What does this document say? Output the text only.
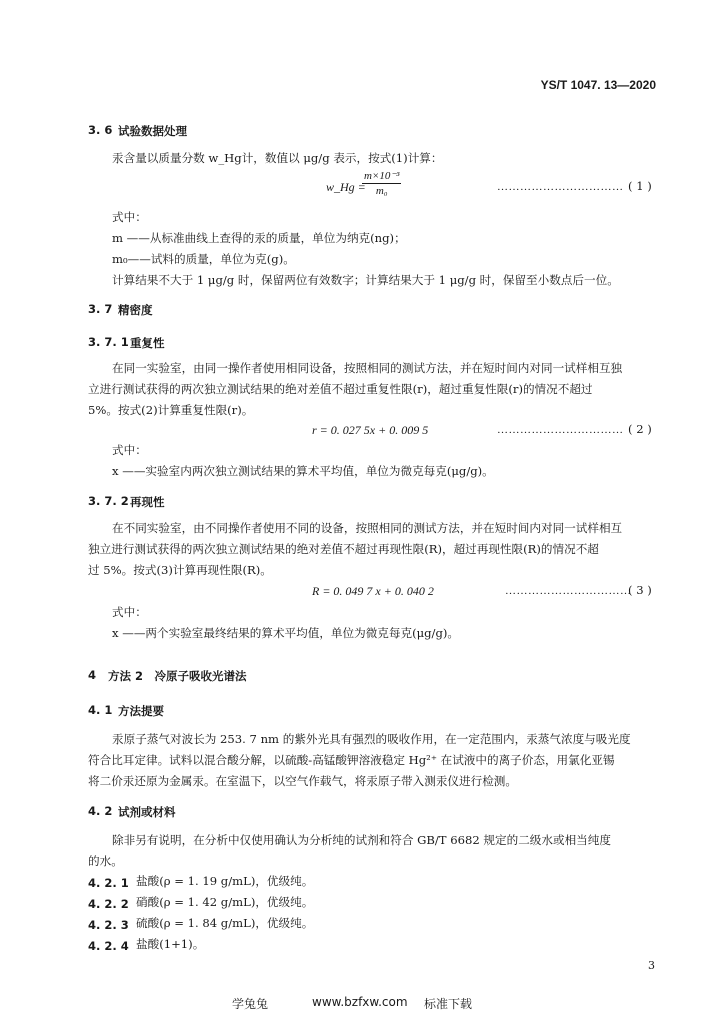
YS/T 1047. 13—2020
3. 6 试验数据处理
汞含量以质量分数 w_Hg计，数值以 μg/g 表示，按式(1)计算：
w_Hg =
$\frac{\text{m×10⁻³}}{\text{m₀}}$	…………………………… ( 1 )
式中：
m ——从标准曲线上查得的汞的质量，单位为纳克(ng)；
m₀——试料的质量，单位为克(g)。
计算结果不大于 1 μg/g 时，保留两位有效数字；计算结果大于 1 μg/g 时，保留至小数点后一位。
3. 7 精密度
3. 7. 1 重复性
在同一实验室，由同一操作者使用相同设备，按照相同的测试方法，并在短时间内对同一试样相互独
立进行测试获得的两次独立测试结果的绝对差值不超过重复性限(r)，超过重复性限(r)的情况不超过
5%。按式(2)计算重复性限(r)。
r = 0. 027 5x + 0. 009 5	…………………………… ( 2 )
式中：
x ——实验室内两次独立测试结果的算术平均值，单位为微克每克(μg/g)。
3. 7. 2 再现性
在不同实验室，由不同操作者使用不同的设备，按照相同的测试方法，并在短时间内对同一试样相互
独立进行测试获得的两次独立测试结果的绝对差值不超过再现性限(R)，超过再现性限(R)的情况不超
过 5%。按式(3)计算再现性限(R)。
R = 0. 049 7 x + 0. 040 2	……………………………
( 3 )
式中：
x ——两个实验室最终结果的算术平均值，单位为微克每克(μg/g)。
4 方法 2　冷原子吸收光谱法
4. 1 方法提要
汞原子蒸气对波长为 253. 7 nm 的紫外光具有强烈的吸收作用，在一定范围内，汞蒸气浓度与吸光度
符合比耳定律。试料以混合酸分解，以硫酸-高锰酸钾溶液稳定 Hg²⁺ 在试液中的离子价态，用氯化亚锡
将二价汞还原为金属汞。在室温下，以空气作载气，将汞原子带入测汞仪进行检测。
4. 2 试剂或材料
除非另有说明，在分析中仅使用确认为分析纯的试剂和符合 GB/T 6682 规定的二级水或相当纯度
的水。
4. 2. 1 盐酸(ρ = 1. 19 g/mL)，优级纯。
4. 2. 2 硝酸(ρ = 1. 42 g/mL)，优级纯。
4. 2. 3 硫酸(ρ = 1. 84 g/mL)，优级纯。
4. 2. 4 盐酸(1+1)。
3
学兔兔	www.bzfxw.com 标准下载
